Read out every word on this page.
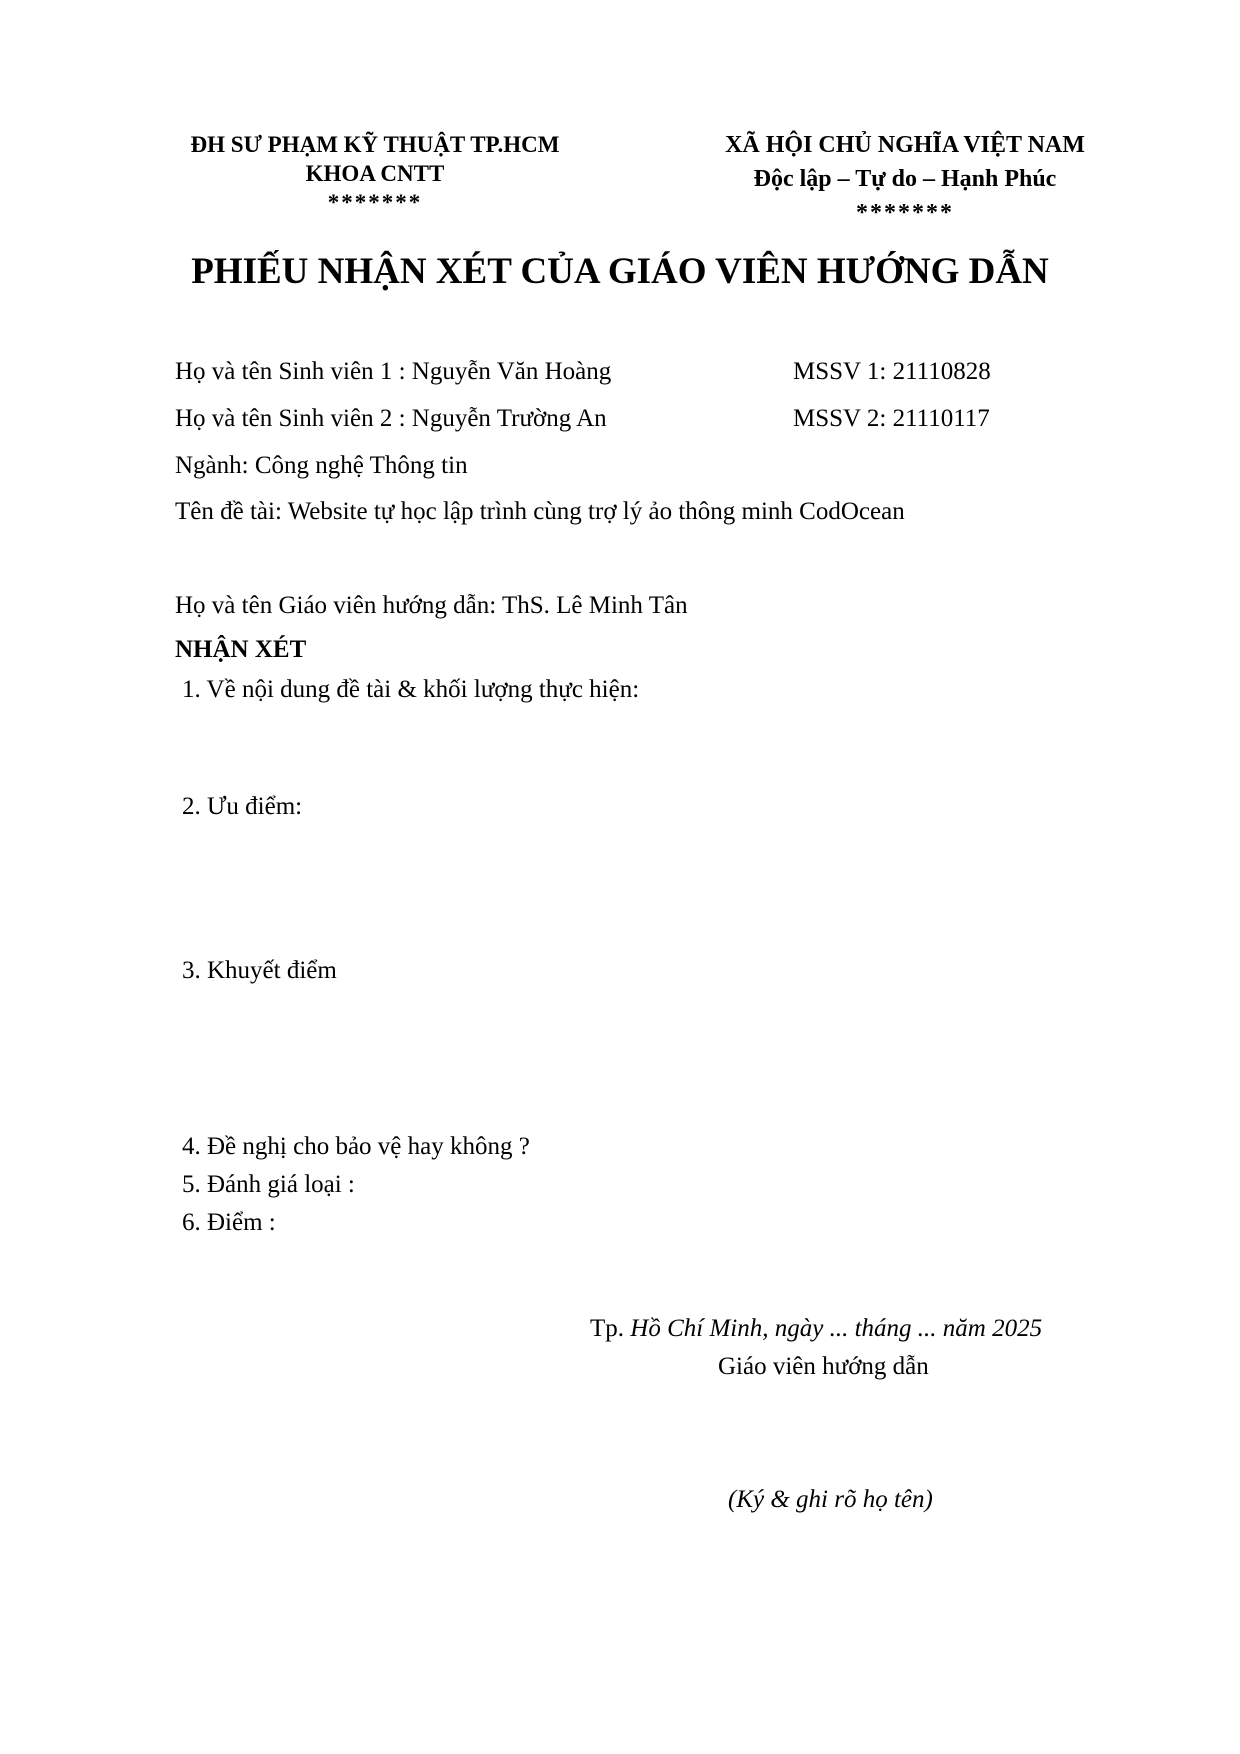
ĐH SƯ PHẠM KỸ THUẬT TP.HCM
KHOA CNTT
*******
XÃ HỘI CHỦ NGHĨA VIỆT NAM
Độc lập – Tự do – Hạnh Phúc
*******
PHIẾU NHẬN XÉT CỦA GIÁO VIÊN HƯỚNG DẪN
Họ và tên Sinh viên 1 : Nguyễn Văn Hoàng	MSSV 1: 21110828
Họ và tên Sinh viên 2 : Nguyễn Trường An	MSSV 2: 21110117
Ngành: Công nghệ Thông tin
Tên đề tài: Website tự học lập trình cùng trợ lý ảo thông minh CodOcean
Họ và tên Giáo viên hướng dẫn: ThS. Lê Minh Tân
NHẬN XÉT
1. Về nội dung đề tài & khối lượng thực hiện:
2. Ưu điểm:
3. Khuyết điểm
4. Đề nghị cho bảo vệ hay không ?
5. Đánh giá loại :
6. Điểm :
Tp. Hồ Chí Minh, ngày ... tháng ... năm 2025
Giáo viên hướng dẫn
(Ký & ghi rõ họ tên)
